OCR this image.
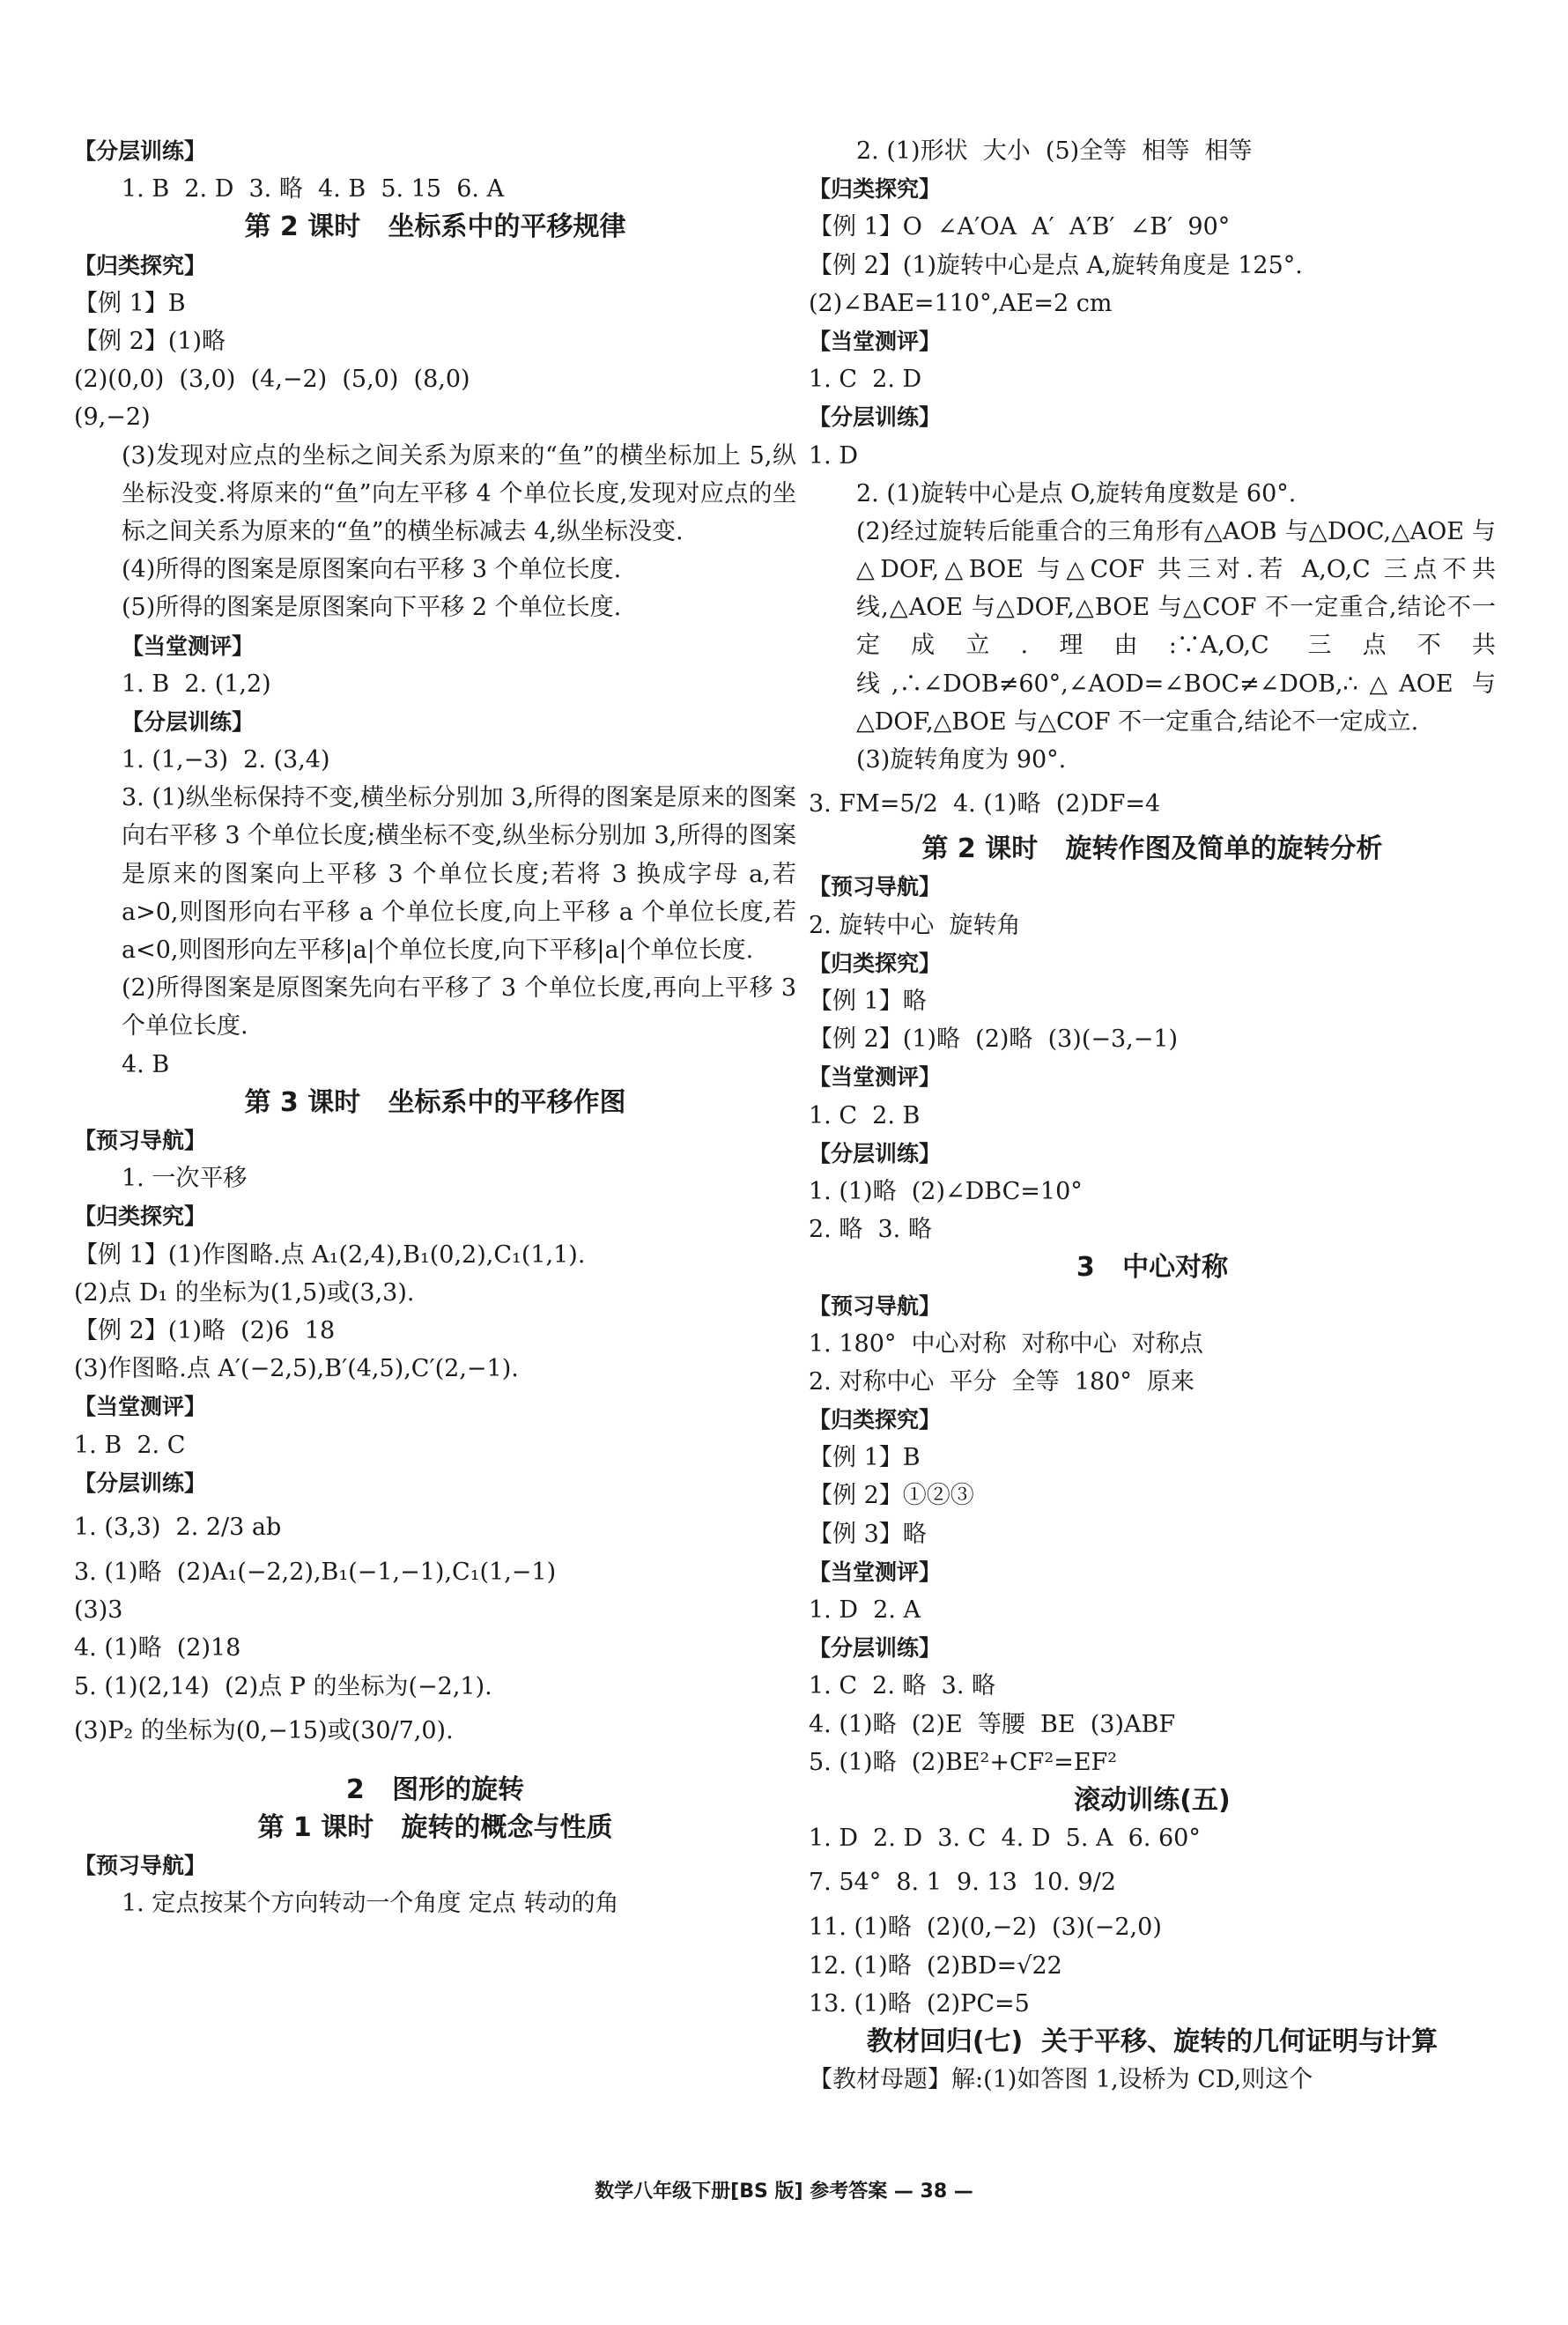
【分层训练】
1. B  2. D  3. 略  4. B  5. 15  6. A
第 2 课时   坐标系中的平移规律
【归类探究】
【例 1】B
【例 2】(1)略
(2)(0,0)  (3,0)  (4,−2)  (5,0)  (8,0)
(9,−2)
(3)发现对应点的坐标之间关系为原来的“鱼”的横坐标加上 5,纵坐标没变.将原来的“鱼”向左平移 4 个单位长度,发现对应点的坐标之间关系为原来的“鱼”的横坐标减去 4,纵坐标没变.
(4)所得的图案是原图案向右平移 3 个单位长度.
(5)所得的图案是原图案向下平移 2 个单位长度.
【当堂测评】
1. B  2. (1,2)
【分层训练】
1. (1,−3)  2. (3,4)
3. (1)纵坐标保持不变,横坐标分别加 3,所得的图案是原来的图案向右平移 3 个单位长度;横坐标不变,纵坐标分别加 3,所得的图案是原来的图案向上平移 3 个单位长度;若将 3 换成字母 a,若 a>0,则图形向右平移 a 个单位长度,向上平移 a 个单位长度,若 a<0,则图形向左平移|a|个单位长度,向下平移|a|个单位长度.
(2)所得图案是原图案先向右平移了 3 个单位长度,再向上平移 3 个单位长度.
4. B
第 3 课时   坐标系中的平移作图
【预习导航】
1. 一次平移
【归类探究】
【例 1】(1)作图略.点 A₁(2,4),B₁(0,2),C₁(1,1).
(2)点 D₁ 的坐标为(1,5)或(3,3).
【例 2】(1)略  (2)6  18
(3)作图略.点 A′(−2,5),B′(4,5),C′(2,−1).
【当堂测评】
1. B  2. C
【分层训练】
1. (3,3)  2. 2/3 ab
3. (1)略  (2)A₁(−2,2),B₁(−1,−1),C₁(1,−1)
(3)3
4. (1)略  (2)18
5. (1)(2,14)  (2)点 P 的坐标为(−2,1).
(3)P₂ 的坐标为(0,−15)或(30/7,0).
2   图形的旋转
第 1 课时   旋转的概念与性质
【预习导航】
1. 定点按某个方向转动一个角度 定点 转动的角
2. (1)形状  大小  (5)全等  相等  相等
【归类探究】
【例 1】O  ∠A′OA  A′  A′B′  ∠B′  90°
【例 2】(1)旋转中心是点 A,旋转角度是 125°.
(2)∠BAE=110°,AE=2 cm
【当堂测评】
1. C  2. D
【分层训练】
1. D
2. (1)旋转中心是点 O,旋转角度数是 60°.
(2)经过旋转后能重合的三角形有△AOB 与△DOC,△AOE 与△DOF,△BOE 与△COF 共三对.若 A,O,C 三点不共线,△AOE 与△DOF,△BOE 与△COF 不一定重合,结论不一定成立.理由:∵A,O,C 三点不共线,∴∠DOB≠60°,∠AOD=∠BOC≠∠DOB,∴△AOE 与△DOF,△BOE 与△COF 不一定重合,结论不一定成立.
(3)旋转角度为 90°.
3. FM=5/2  4. (1)略  (2)DF=4
第 2 课时   旋转作图及简单的旋转分析
【预习导航】
2. 旋转中心  旋转角
【归类探究】
【例 1】略
【例 2】(1)略  (2)略  (3)(−3,−1)
【当堂测评】
1. C  2. B
【分层训练】
1. (1)略  (2)∠DBC=10°
2. 略  3. 略
3   中心对称
【预习导航】
1. 180°  中心对称  对称中心  对称点
2. 对称中心  平分  全等  180°  原来
【归类探究】
【例 1】B
【例 2】①②③
【例 3】略
【当堂测评】
1. D  2. A
【分层训练】
1. C  2. 略  3. 略
4. (1)略  (2)E  等腰  BE  (3)ABF
5. (1)略  (2)BE²+CF²=EF²
滚动训练(五)
1. D  2. D  3. C  4. D  5. A  6. 60°
7. 54°  8. 1  9. 13  10. 9/2
11. (1)略  (2)(0,−2)  (3)(−2,0)
12. (1)略  (2)BD=√22
13. (1)略  (2)PC=5
教材回归(七)  关于平移、旋转的几何证明与计算
【教材母题】解:(1)如答图 1,设桥为 CD,则这个
数学八年级下册[BS 版] 参考答案 — 38 —
